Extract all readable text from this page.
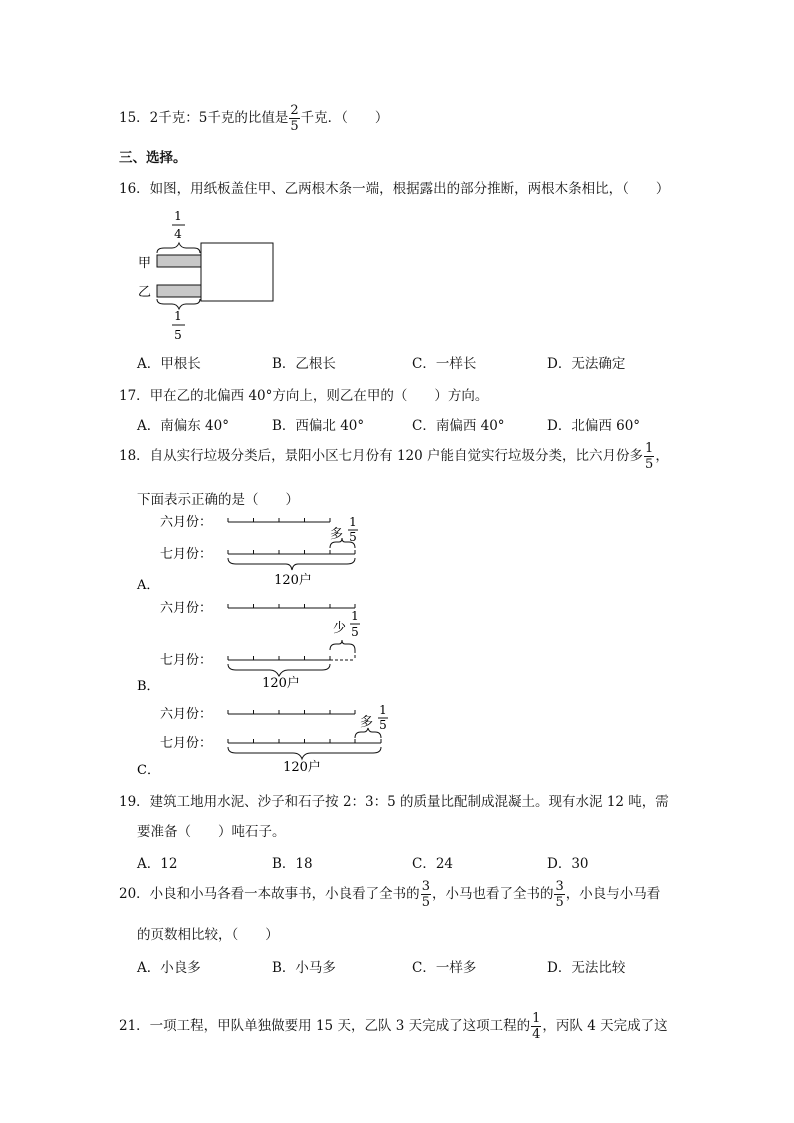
15．2千克：5千克的比值是 $\frac{2}{5}$ 千克．（　　）
三、选择。
16．如图，用纸板盖住甲、乙两根木条一端，根据露出的部分推断，两根木条相比，（　　）
1
4
甲
乙
1
5
A．甲根长	B．乙根长	C．一样长	D．无法确定
17．甲在乙的北偏西 40°方向上，则乙在甲的（　　）方向。
A．南偏东 40°	B．西偏北 40°	C．南偏西 40°	D．北偏西 60°
18．自从实行垃圾分类后，景阳小区七月份有 120 户能自觉实行垃圾分类，比六月份多 $\frac{1}{5}$ ，
下面表示正确的是（　　）
六月份：
七月份：
多
1
5
120户
A．
六月份：
少
1
5
七月份：
120户
B．
六月份：
多
1
5
七月份：
120户
C．
19．建筑工地用水泥、沙子和石子按 2：3：5 的质量比配制成混凝土。现有水泥 12 吨，需
要准备（　　）吨石子。
A．12	B．18	C．24	D．30
20．小良和小马各看一本故事书，小良看了全书的 $\frac{3}{5}$ ，小马也看了全书的 $\frac{3}{5}$ ，小良与小马看
的页数相比较，（　　）
A．小良多	B．小马多	C．一样多	D．无法比较
21．一项工程，甲队单独做要用 15 天，乙队 3 天完成了这项工程的 $\frac{1}{4}$ ，丙队 4 天完成了这
